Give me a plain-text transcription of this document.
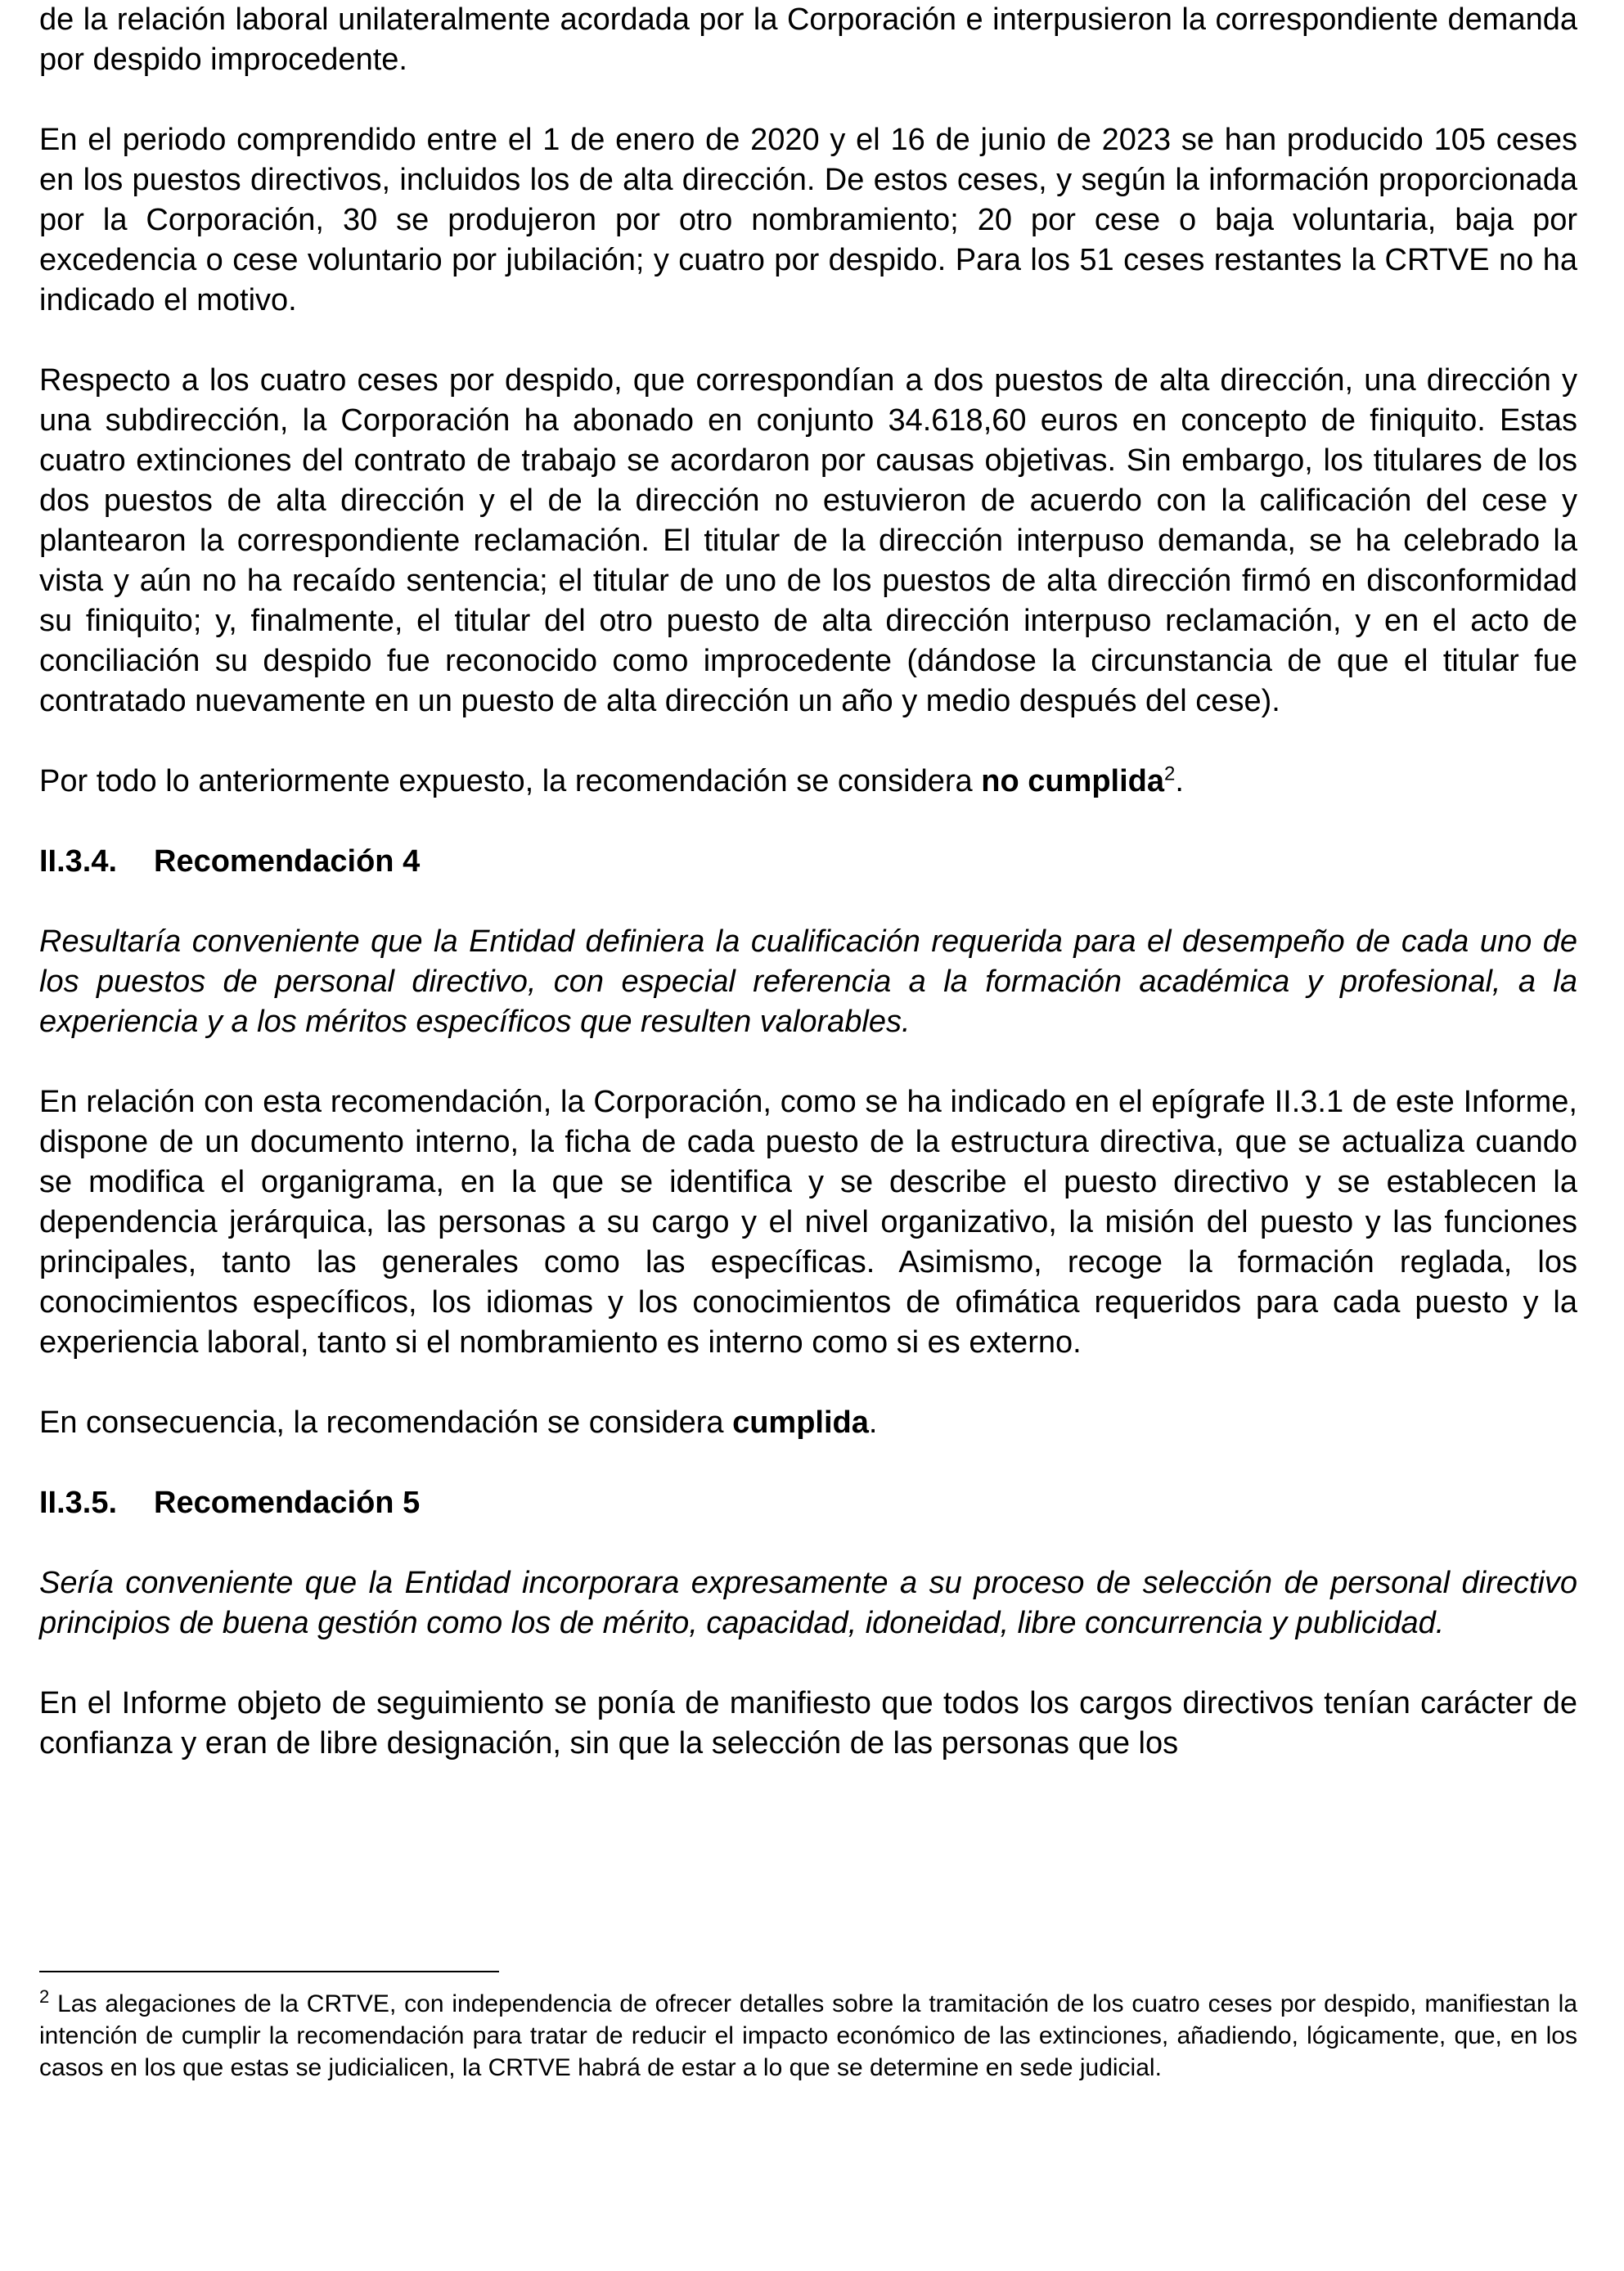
de la relación laboral unilateralmente acordada por la Corporación e interpusieron la correspondiente demanda por despido improcedente.

En el periodo comprendido entre el 1 de enero de 2020 y el 16 de junio de 2023 se han producido 105 ceses en los puestos directivos, incluidos los de alta dirección. De estos ceses, y según la información proporcionada por la Corporación, 30 se produjeron por otro nombramiento; 20 por cese o baja voluntaria, baja por excedencia o cese voluntario por jubilación; y cuatro por despido. Para los 51 ceses restantes la CRTVE no ha indicado el motivo.

Respecto a los cuatro ceses por despido, que correspondían a dos puestos de alta dirección, una dirección y una subdirección, la Corporación ha abonado en conjunto 34.618,60 euros en concepto de finiquito. Estas cuatro extinciones del contrato de trabajo se acordaron por causas objetivas. Sin embargo, los titulares de los dos puestos de alta dirección y el de la dirección no estuvieron de acuerdo con la calificación del cese y plantearon la correspondiente reclamación. El titular de la dirección interpuso demanda, se ha celebrado la vista y aún no ha recaído sentencia; el titular de uno de los puestos de alta dirección firmó en disconformidad su finiquito; y, finalmente, el titular del otro puesto de alta dirección interpuso reclamación, y en el acto de conciliación su despido fue reconocido como improcedente (dándose la circunstancia de que el titular fue contratado nuevamente en un puesto de alta dirección un año y medio después del cese).

Por todo lo anteriormente expuesto, la recomendación se considera no cumplida$^2$.

II.3.4. Recomendación 4

Resultaría conveniente que la Entidad definiera la cualificación requerida para el desempeño de cada uno de los puestos de personal directivo, con especial referencia a la formación académica y profesional, a la experiencia y a los méritos específicos que resulten valorables.

En relación con esta recomendación, la Corporación, como se ha indicado en el epígrafe II.3.1 de este Informe, dispone de un documento interno, la ficha de cada puesto de la estructura directiva, que se actualiza cuando se modifica el organigrama, en la que se identifica y se describe el puesto directivo y se establecen la dependencia jerárquica, las personas a su cargo y el nivel organizativo, la misión del puesto y las funciones principales, tanto las generales como las específicas. Asimismo, recoge la formación reglada, los conocimientos específicos, los idiomas y los conocimientos de ofimática requeridos para cada puesto y la experiencia laboral, tanto si el nombramiento es interno como si es externo.

En consecuencia, la recomendación se considera cumplida.

II.3.5. Recomendación 5

Sería conveniente que la Entidad incorporara expresamente a su proceso de selección de personal directivo principios de buena gestión como los de mérito, capacidad, idoneidad, libre concurrencia y publicidad.

En el Informe objeto de seguimiento se ponía de manifiesto que todos los cargos directivos tenían carácter de confianza y eran de libre designación, sin que la selección de las personas que los

$^2$ Las alegaciones de la CRTVE, con independencia de ofrecer detalles sobre la tramitación de los cuatro ceses por despido, manifiestan la intención de cumplir la recomendación para tratar de reducir el impacto económico de las extinciones, añadiendo, lógicamente, que, en los casos en los que estas se judicialicen, la CRTVE habrá de estar a lo que se determine en sede judicial.
